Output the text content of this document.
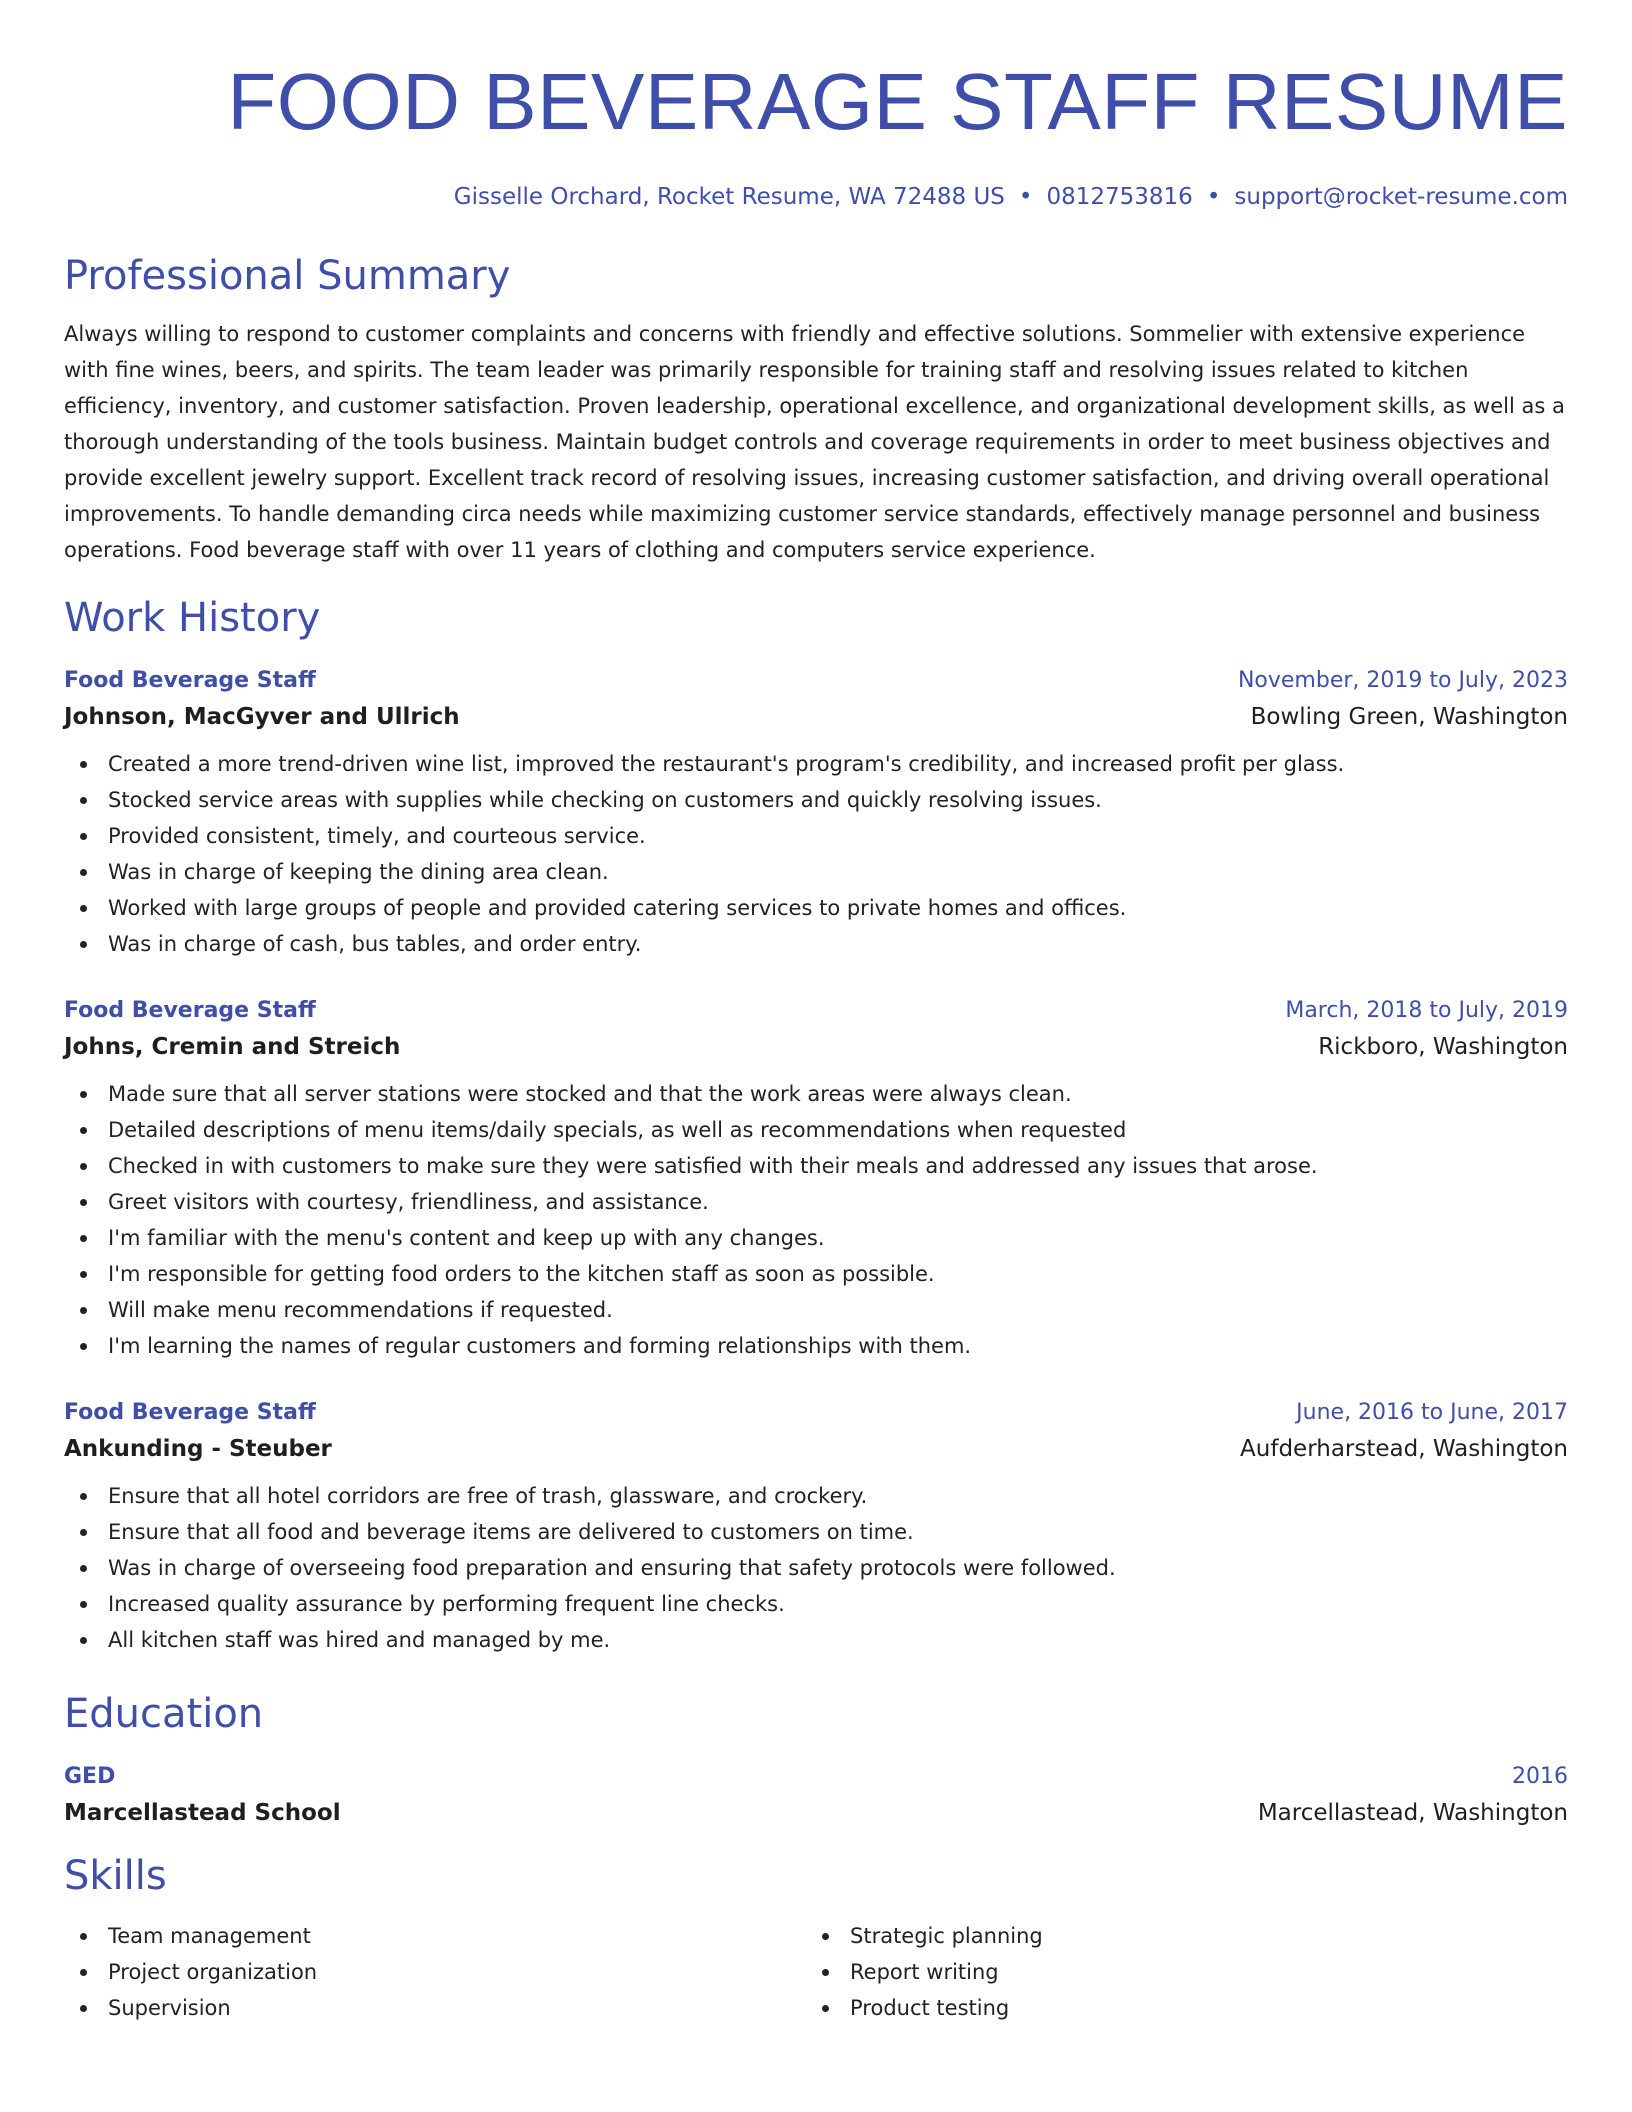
FOOD BEVERAGE STAFF RESUME
Gisselle Orchard, Rocket Resume, WA 72488 US • 0812753816 • support@rocket-resume.com
Professional Summary

Always willing to respond to customer complaints and concerns with friendly and effective solutions. Sommelier with extensive experience with fine wines, beers, and spirits. The team leader was primarily responsible for training staff and resolving issues related to kitchen efficiency, inventory, and customer satisfaction. Proven leadership, operational excellence, and organizational development skills, as well as a thorough understanding of the tools business. Maintain budget controls and coverage requirements in order to meet business objectives and provide excellent jewelry support. Excellent track record of resolving issues, increasing customer satisfaction, and driving overall operational improvements. To handle demanding circa needs while maximizing customer service standards, effectively manage personnel and business operations. Food beverage staff with over 11 years of clothing and computers service experience.

Work History
Food Beverage Staff	November, 2019 to July, 2023
Johnson, MacGyver and Ullrich	Bowling Green, Washington
Created a more trend-driven wine list, improved the restaurant's program's credibility, and increased profit per glass.
Stocked service areas with supplies while checking on customers and quickly resolving issues.
Provided consistent, timely, and courteous service.
Was in charge of keeping the dining area clean.
Worked with large groups of people and provided catering services to private homes and offices.
Was in charge of cash, bus tables, and order entry.
Food Beverage Staff	March, 2018 to July, 2019
Johns, Cremin and Streich	Rickboro, Washington
Made sure that all server stations were stocked and that the work areas were always clean.
Detailed descriptions of menu items/daily specials, as well as recommendations when requested
Checked in with customers to make sure they were satisfied with their meals and addressed any issues that arose.
Greet visitors with courtesy, friendliness, and assistance.
I'm familiar with the menu's content and keep up with any changes.
I'm responsible for getting food orders to the kitchen staff as soon as possible.
Will make menu recommendations if requested.
I'm learning the names of regular customers and forming relationships with them.
Food Beverage Staff	June, 2016 to June, 2017
Ankunding - Steuber	Aufderharstead, Washington
Ensure that all hotel corridors are free of trash, glassware, and crockery.
Ensure that all food and beverage items are delivered to customers on time.
Was in charge of overseeing food preparation and ensuring that safety protocols were followed.
Increased quality assurance by performing frequent line checks.
All kitchen staff was hired and managed by me.
Education
GED	2016
Marcellastead School	Marcellastead, Washington
Skills
Team management
Project organization
Supervision
Strategic planning
Report writing
Product testing
